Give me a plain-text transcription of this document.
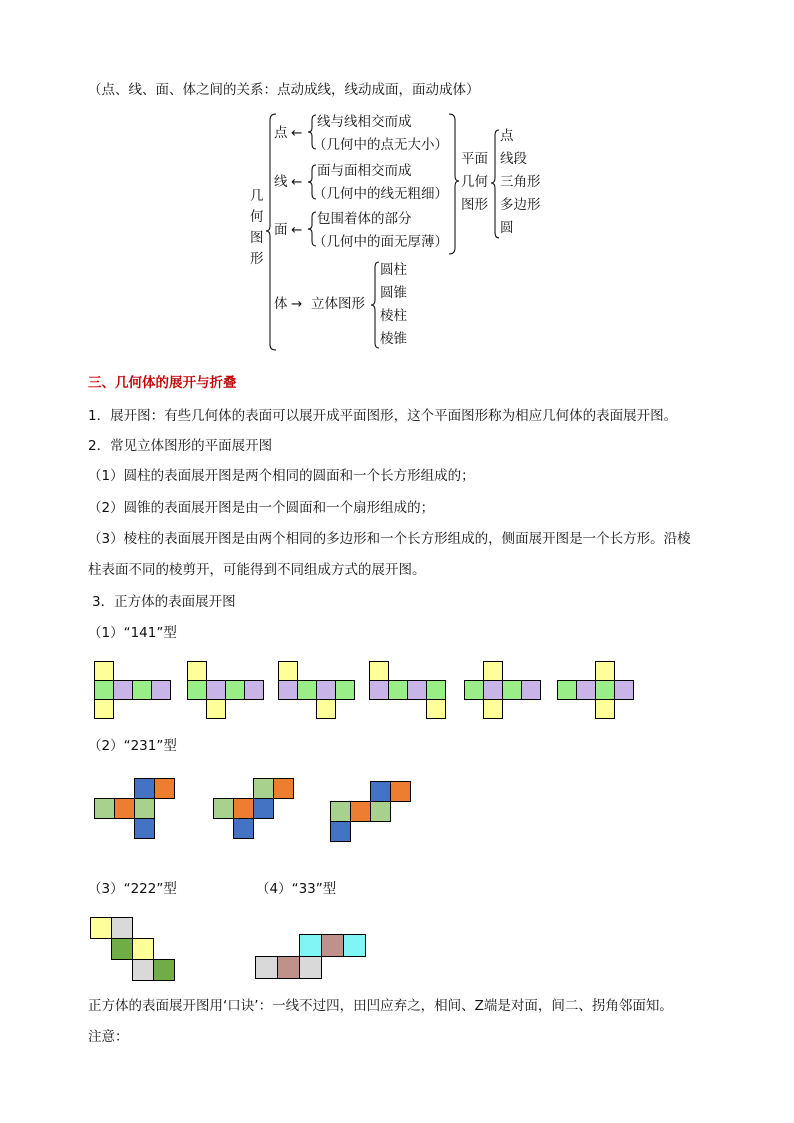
（点、线、面、体之间的关系：点动成线，线动成面，面动成体）
几
何
图
形
点 ←
线与线相交而成
（几何中的点无大小）
线 ←
面与面相交而成
（几何中的线无粗细）
面 ←
包围着体的部分
（几何中的面无厚薄）
体 → 立体图形
圆柱
圆锥
棱柱
棱锥
平面
几何
图形
点
线段
三角形
多边形
圆
三、几何体的展开与折叠
1．展开图：有些几何体的表面可以展开成平面图形，这个平面图形称为相应几何体的表面展开图。
2．常见立体图形的平面展开图
（1）圆柱的表面展开图是两个相同的圆面和一个长方形组成的；
（2）圆锥的表面展开图是由一个圆面和一个扇形组成的；
（3）棱柱的表面展开图是由两个相同的多边形和一个长方形组成的，侧面展开图是一个长方形。沿棱
柱表面不同的棱剪开，可能得到不同组成方式的展开图。
3．正方体的表面展开图
（1）“141”型
（2）“231”型
（3）“222”型	（4）“33”型
正方体的表面展开图用‘口诀’：一线不过四，田凹应弃之，相间、Z端是对面，间二、拐角邻面知。
注意：
